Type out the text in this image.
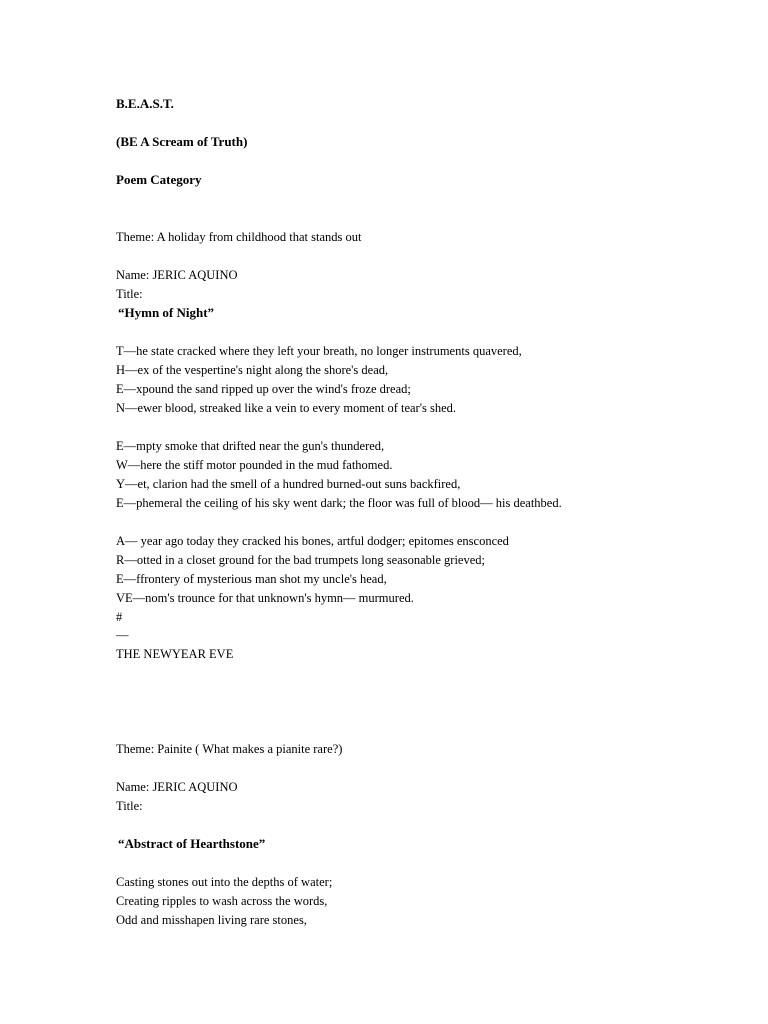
B.E.A.S.T.
(BE A Scream of Truth)
Poem Category
Theme: A holiday from childhood that stands out
Name: JERIC AQUINO
Title:
“Hymn of Night”
T—he state cracked where they left your breath, no longer instruments quavered,
H—ex of the vespertine's night along the shore's dead,
E—xpound the sand ripped up over the wind's froze dread;
N—ewer blood, streaked like a vein to every moment of tear's shed.
E—mpty smoke that drifted near the gun's thundered,
W—here the stiff motor pounded in the mud fathomed.
Y—et, clarion had the smell of a hundred burned-out suns backfired,
E—phemeral the ceiling of his sky went dark; the floor was full of blood— his deathbed.
A— year ago today they cracked his bones, artful dodger; epitomes ensconced
R—otted in a closet ground for the bad trumpets long seasonable grieved;
E—ffrontery of mysterious man shot my uncle's head,
VE—nom's trounce for that unknown's hymn— murmured.
#
—
THE NEWYEAR EVE
Theme: Painite ( What makes a pianite rare?)
Name: JERIC AQUINO
Title:
“Abstract of Hearthstone”
Casting stones out into the depths of water;
Creating ripples to wash across the words,
Odd and misshapen living rare stones,
